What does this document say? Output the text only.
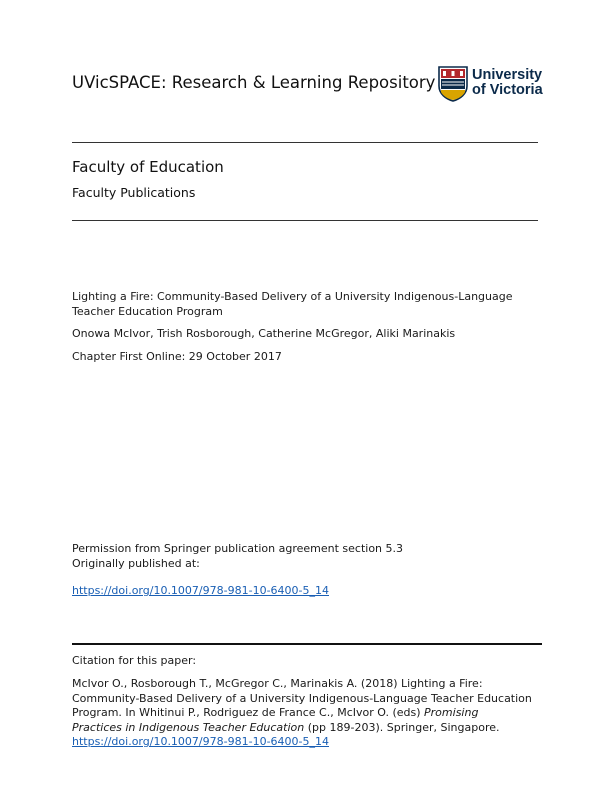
UVicSPACE: Research & Learning Repository	University
of Victoria
Faculty of Education
Faculty Publications
Lighting a Fire: Community-Based Delivery of a University Indigenous-Language
Teacher Education Program
Onowa McIvor, Trish Rosborough, Catherine McGregor, Aliki Marinakis
Chapter First Online: 29 October 2017
Permission from Springer publication agreement section 5.3
Originally published at:
https://doi.org/10.1007/978-981-10-6400-5_14
Citation for this paper:
McIvor O., Rosborough T., McGregor C., Marinakis A. (2018) Lighting a Fire:
Community-Based Delivery of a University Indigenous-Language Teacher Education
Program. In Whitinui P., Rodriguez de France C., McIvor O. (eds) Promising
Practices in Indigenous Teacher Education (pp 189-203). Springer, Singapore.
https://doi.org/10.1007/978-981-10-6400-5_14
